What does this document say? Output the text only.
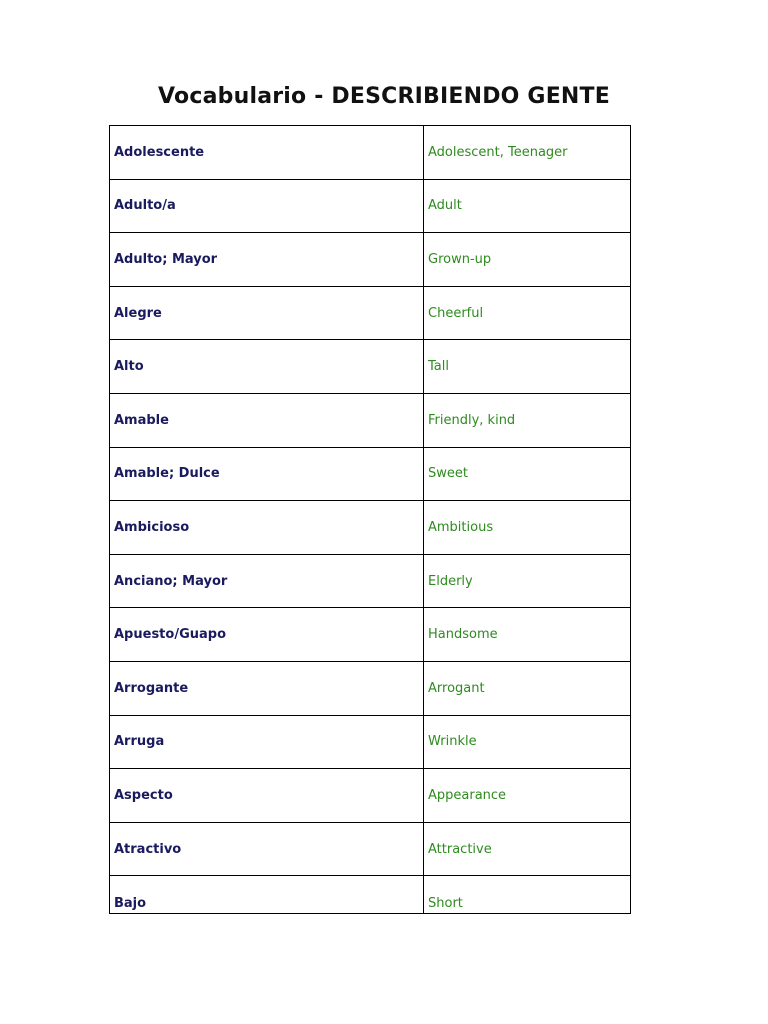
Vocabulario - DESCRIBIENDO GENTE
Adolescente	Adolescent, Teenager
Adulto/a	Adult
Adulto; Mayor	Grown-up
Alegre	Cheerful
Alto	Tall
Amable	Friendly, kind
Amable; Dulce	Sweet
Ambicioso	Ambitious
Anciano; Mayor	Elderly
Apuesto/Guapo	Handsome
Arrogante	Arrogant
Arruga	Wrinkle
Aspecto	Appearance
Atractivo	Attractive
Bajo	Short
